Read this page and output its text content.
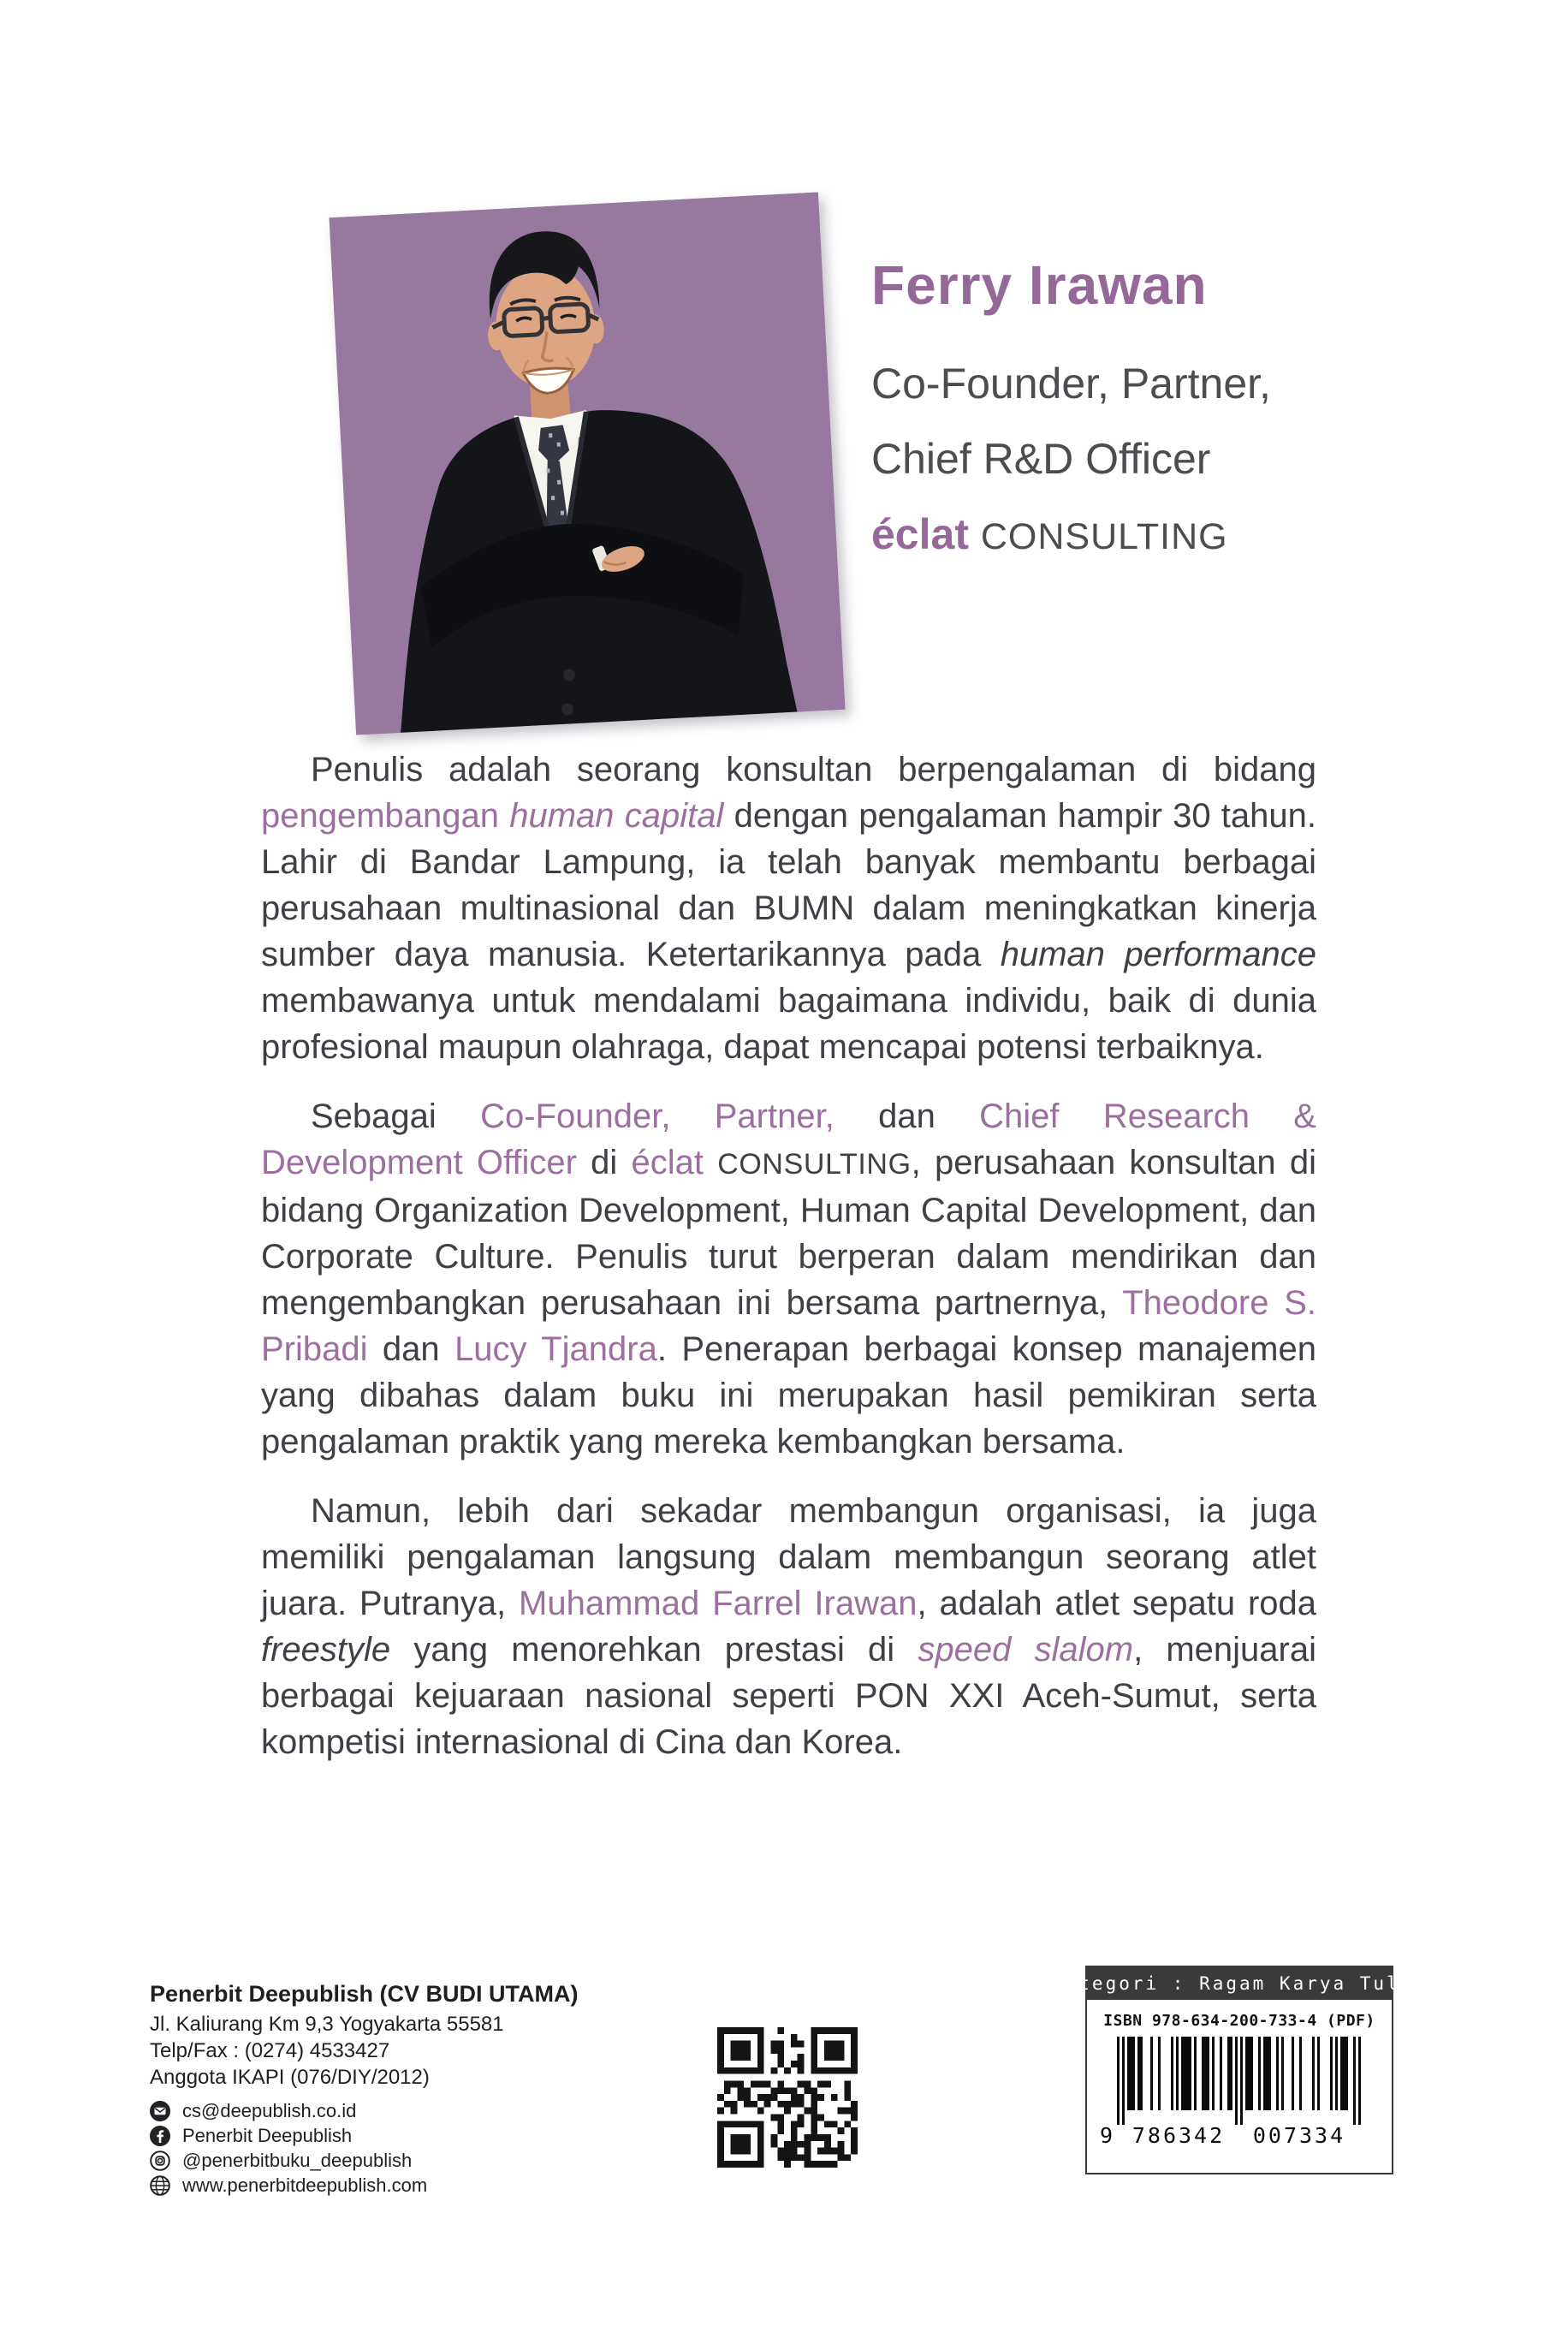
Ferry Irawan

Co-Founder, Partner,

Chief R&D Officer

éclat CONSULTING

Penulis adalah seorang konsultan berpengalaman di bidang pengembangan human capital dengan pengalaman hampir 30 tahun. Lahir di Bandar Lampung, ia telah banyak membantu berbagai perusahaan multinasional dan BUMN dalam meningkatkan kinerja sumber daya manusia. Ketertarikannya pada human performance membawanya untuk mendalami bagaimana individu, baik di dunia profesional maupun olahraga, dapat mencapai potensi terbaiknya.

Sebagai Co-Founder, Partner, dan Chief Research & Development Officer di éclat CONSULTING, perusahaan konsultan di bidang Organization Development, Human Capital Development, dan Corporate Culture. Penulis turut berperan dalam mendirikan dan mengembangkan perusahaan ini bersama partnernya, Theodore S. Pribadi dan Lucy Tjandra. Penerapan berbagai konsep manajemen yang dibahas dalam buku ini merupakan hasil pemikiran serta pengalaman praktik yang mereka kembangkan bersama.

Namun, lebih dari sekadar membangun organisasi, ia juga memiliki pengalaman langsung dalam membangun seorang atlet juara. Putranya, Muhammad Farrel Irawan, adalah atlet sepatu roda freestyle yang menorehkan prestasi di speed slalom, menjuarai berbagai kejuaraan nasional seperti PON XXI Aceh-Sumut, serta kompetisi internasional di Cina dan Korea.

Penerbit Deepublish (CV BUDI UTAMA)

Jl. Kaliurang Km 9,3 Yogyakarta 55581

Telp/Fax : (0274) 4533427

Anggota IKAPI (076/DIY/2012)

cs@deepublish.co.id
Penerbit Deepublish
@penerbitbuku_deepublish
www.penerbitdeepublish.com
Kategori : Ragam Karya Tulis
ISBN 978-634-200-733-4 (PDF)
9 786342 007334
